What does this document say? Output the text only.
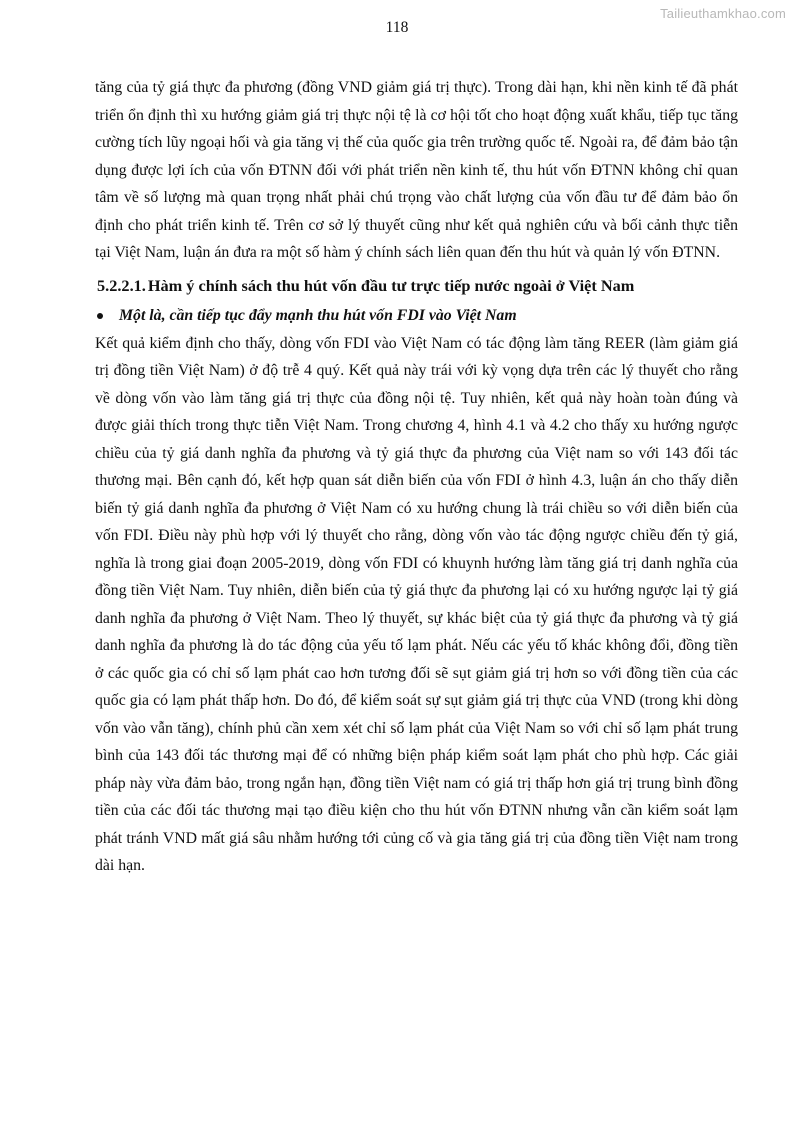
Tailieuthamkhao.com
118

tăng của tỷ giá thực đa phương (đồng VND giảm giá trị thực). Trong dài hạn, khi nền kinh tế đã phát triển ổn định thì xu hướng giảm giá trị thực nội tệ là cơ hội tốt cho hoạt động xuất khẩu, tiếp tục tăng cường tích lũy ngoại hối và gia tăng vị thế của quốc gia trên trường quốc tế. Ngoài ra, để đảm bảo tận dụng được lợi ích của vốn ĐTNN đối với phát triển nền kinh tế, thu hút vốn ĐTNN không chỉ quan tâm về số lượng mà quan trọng nhất phải chú trọng vào chất lượng của vốn đầu tư để đảm bảo ổn định cho phát triển kinh tế. Trên cơ sở lý thuyết cũng như kết quả nghiên cứu và bối cảnh thực tiễn tại Việt Nam, luận án đưa ra một số hàm ý chính sách liên quan đến thu hút và quản lý vốn ĐTNN.

5.2.2.1. Hàm ý chính sách thu hút vốn đầu tư trực tiếp nước ngoài ở Việt Nam
Một là, cần tiếp tục đẩy mạnh thu hút vốn FDI vào Việt Nam

Kết quả kiểm định cho thấy, dòng vốn FDI vào Việt Nam có tác động làm tăng REER (làm giảm giá trị đồng tiền Việt Nam) ở độ trễ 4 quý. Kết quả này trái với kỳ vọng dựa trên các lý thuyết cho rằng về dòng vốn vào làm tăng giá trị thực của đồng nội tệ. Tuy nhiên, kết quả này hoàn toàn đúng và được giải thích trong thực tiễn Việt Nam. Trong chương 4, hình 4.1 và 4.2 cho thấy xu hướng ngược chiều của tỷ giá danh nghĩa đa phương và tỷ giá thực đa phương của Việt nam so với 143 đối tác thương mại. Bên cạnh đó, kết hợp quan sát diễn biến của vốn FDI ở hình 4.3, luận án cho thấy diễn biến tỷ giá danh nghĩa đa phương ở Việt Nam có xu hướng chung là trái chiều so với diễn biến của vốn FDI. Điều này phù hợp với lý thuyết cho rằng, dòng vốn vào tác động ngược chiều đến tỷ giá, nghĩa là trong giai đoạn 2005-2019, dòng vốn FDI có khuynh hướng làm tăng giá trị danh nghĩa của đồng tiền Việt Nam. Tuy nhiên, diễn biến của tỷ giá thực đa phương lại có xu hướng ngược lại tỷ giá danh nghĩa đa phương ở Việt Nam. Theo lý thuyết, sự khác biệt của tỷ giá thực đa phương và tỷ giá danh nghĩa đa phương là do tác động của yếu tố lạm phát. Nếu các yếu tố khác không đổi, đồng tiền ở các quốc gia có chỉ số lạm phát cao hơn tương đối sẽ sụt giảm giá trị hơn so với đồng tiền của các quốc gia có lạm phát thấp hơn. Do đó, để kiểm soát sự sụt giảm giá trị thực của VND (trong khi dòng vốn vào vẫn tăng), chính phủ cần xem xét chỉ số lạm phát của Việt Nam so với chỉ số lạm phát trung bình của 143 đối tác thương mại để có những biện pháp kiểm soát lạm phát cho phù hợp. Các giải pháp này vừa đảm bảo, trong ngắn hạn, đồng tiền Việt nam có giá trị thấp hơn giá trị trung bình đồng tiền của các đối tác thương mại tạo điều kiện cho thu hút vốn ĐTNN nhưng vẫn cần kiểm soát lạm phát tránh VND mất giá sâu nhằm hướng tới củng cố và gia tăng giá trị của đồng tiền Việt nam trong dài hạn.
